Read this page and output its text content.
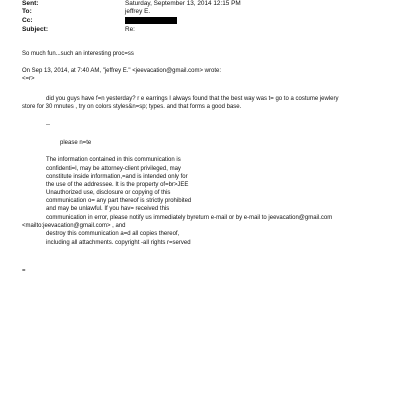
Sent:	Saturday, September 13, 2014 12:15 PM
To:	jeffrey E.
Cc:
Subject:	Re:
So much fun...such an interesting proc=ss
On Sep 13, 2014, at 7:40 AM, "jeffrey E." <jeevacation@gmail.com> wrote:
<=r>
did you guys have f=n yesterday? r e earrings I always found that the best way was t= go to a costume jewlery
store for 30 mnutes , try on colors styles&n=sp; types. and that forms a good base.
--
please n=te
The information contained in this communication is
confidenti=l, may be attorney-client privileged, may
constitute inside information,=and is intended only for
the use of the addressee. It is the property of=br>JEE
Unauthorized use, disclosure or copying of this
communication o= any part thereof is strictly prohibited
and may be unlawful. If you hav= received this
communication in error, please notify us immediately byreturn e-mail or by e-mail to jeevacation@gmail.com
<mailto:jeevacation@gmail.com> , and
destroy this communication a=d all copies thereof,
including all attachments. copyright -all rights r=served
=
